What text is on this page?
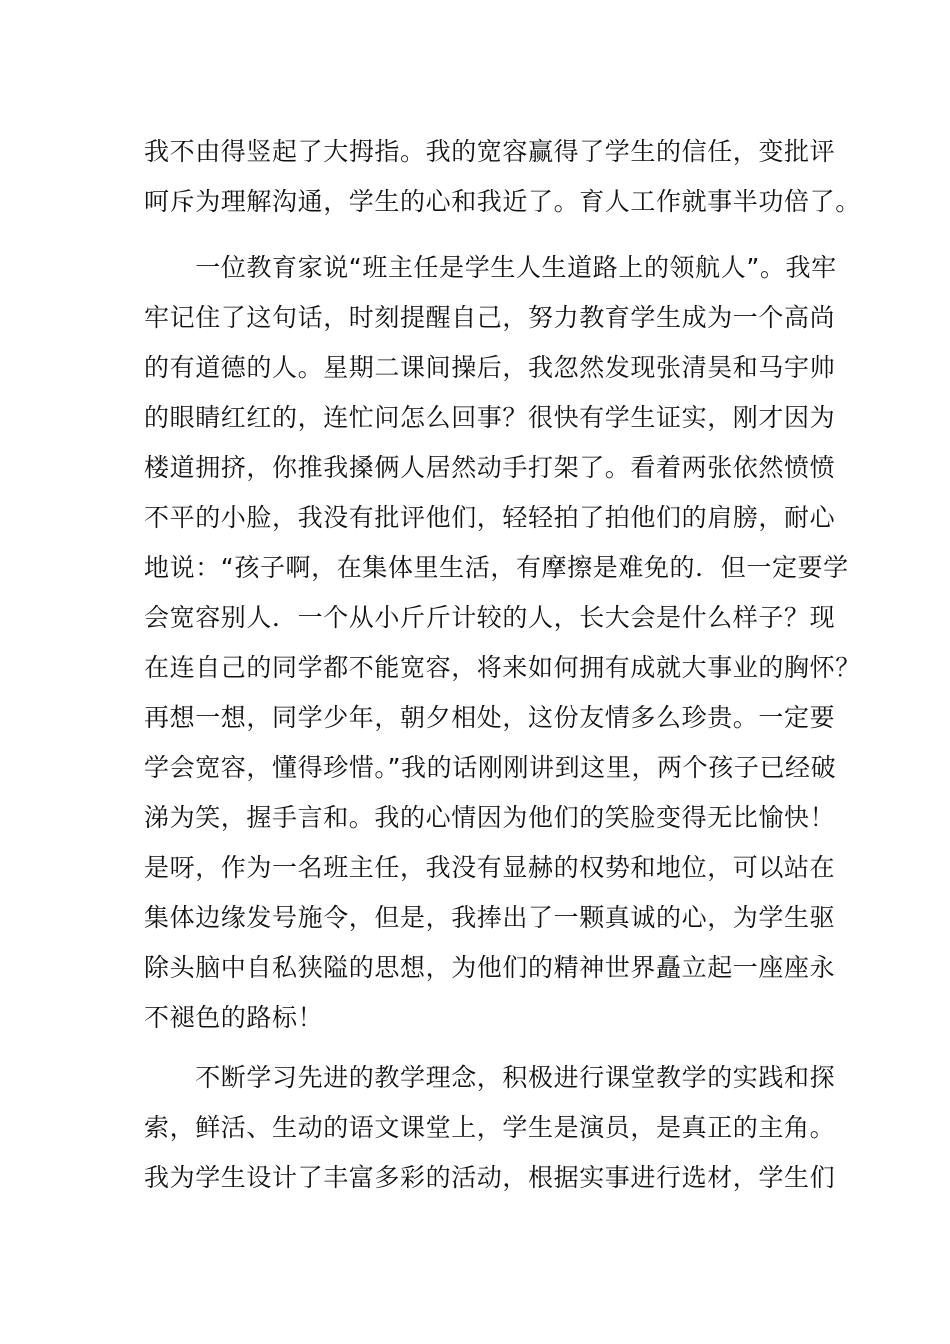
我不由得竖起了大拇指。我的宽容赢得了学生的信任，变批评
呵斥为理解沟通，学生的心和我近了。育人工作就事半功倍了。
　　一位教育家说“班主任是学生人生道路上的领航人”。我牢
牢记住了这句话，时刻提醒自己，努力教育学生成为一个高尚
的有道德的人。星期二课间操后，我忽然发现张清昊和马宇帅
的眼睛红红的，连忙问怎么回事？很快有学生证实，刚才因为
楼道拥挤，你推我搡俩人居然动手打架了。看着两张依然愤愤
不平的小脸，我没有批评他们，轻轻拍了拍他们的肩膀，耐心
地说：“孩子啊，在集体里生活，有摩擦是难免的．但一定要学
会宽容别人．一个从小斤斤计较的人，长大会是什么样子？现
在连自己的同学都不能宽容，将来如何拥有成就大事业的胸怀？
再想一想，同学少年，朝夕相处，这份友情多么珍贵。一定要
学会宽容，懂得珍惜。”我的话刚刚讲到这里，两个孩子已经破
涕为笑，握手言和。我的心情因为他们的笑脸变得无比愉快！
是呀，作为一名班主任，我没有显赫的权势和地位，可以站在
集体边缘发号施令，但是，我捧出了一颗真诚的心，为学生驱
除头脑中自私狭隘的思想，为他们的精神世界矗立起一座座永
不褪色的路标！
　　不断学习先进的教学理念，积极进行课堂教学的实践和探
索，鲜活、生动的语文课堂上，学生是演员，是真正的主角。
我为学生设计了丰富多彩的活动，根据实事进行选材，学生们
